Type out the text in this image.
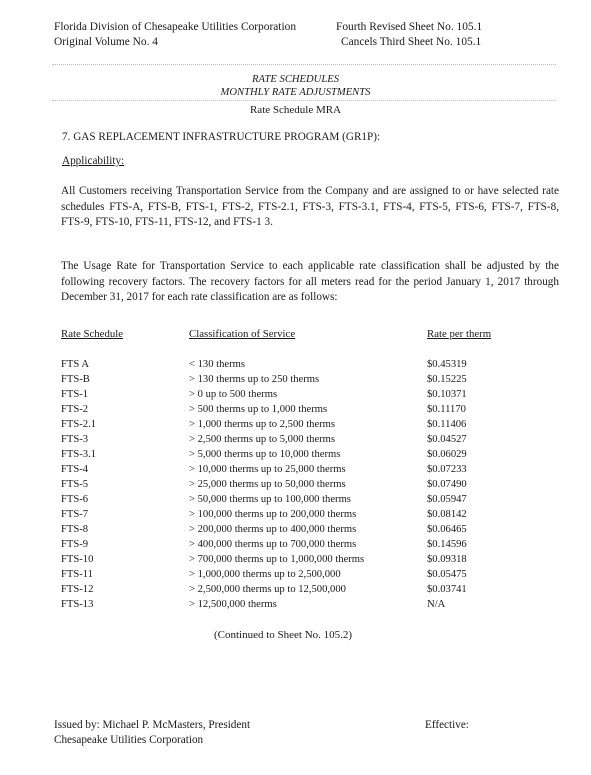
Florida Division of Chesapeake Utilities Corporation
Original Volume No. 4
Fourth Revised Sheet No. 105.1
Cancels Third Sheet No. 105.1
RATE SCHEDULES
MONTHLY RATE ADJUSTMENTS
Rate Schedule MRA
7. GAS REPLACEMENT INFRASTRUCTURE PROGRAM (GR1P):
Applicability:
All Customers receiving Transportation Service from the Company and are assigned to or have selected rate schedules FTS-A, FTS-B, FTS-1, FTS-2, FTS-2.1, FTS-3, FTS-3.1, FTS-4, FTS-5, FTS-6, FTS-7, FTS-8, FTS-9, FTS-10, FTS-11, FTS-12, and FTS-1 3.
The Usage Rate for Transportation Service to each applicable rate classification shall be adjusted by the following recovery factors. The recovery factors for all meters read for the period January 1, 2017 through December 31, 2017 for each rate classification are as follows:
Rate Schedule	Classification of Service	Rate per therm
FTS A	< 130 therms	$0.45319
FTS-B	> 130 therms up to 250 therms	$0.15225
FTS-1	> 0 up to 500 therms	$0.10371
FTS-2	> 500 therms up to 1,000 therms	$0.11170
FTS-2.1	> 1,000 therms up to 2,500 therms	$0.11406
FTS-3	> 2,500 therms up to 5,000 therms	$0.04527
FTS-3.1	> 5,000 therms up to 10,000 therms	$0.06029
FTS-4	> 10,000 therms up to 25,000 therms	$0.07233
FTS-5	> 25,000 therms up to 50,000 therms	$0.07490
FTS-6	> 50,000 therms up to 100,000 therms	$0.05947
FTS-7	> 100,000 therms up to 200,000 therms	$0.08142
FTS-8	> 200,000 therms up to 400,000 therms	$0.06465
FTS-9	> 400,000 therms up to 700,000 therms	$0.14596
FTS-10	> 700,000 therms up to 1,000,000 therms	$0.09318
FTS-11	> 1,000,000 therms up to 2,500,000	$0.05475
FTS-12	> 2,500,000 therms up to 12,500,000	$0.03741
FTS-13	> 12,500,000 therms	N/A
(Continued to Sheet No. 105.2)
Issued by: Michael P. McMasters, President
Chesapeake Utilities Corporation
Effective:
